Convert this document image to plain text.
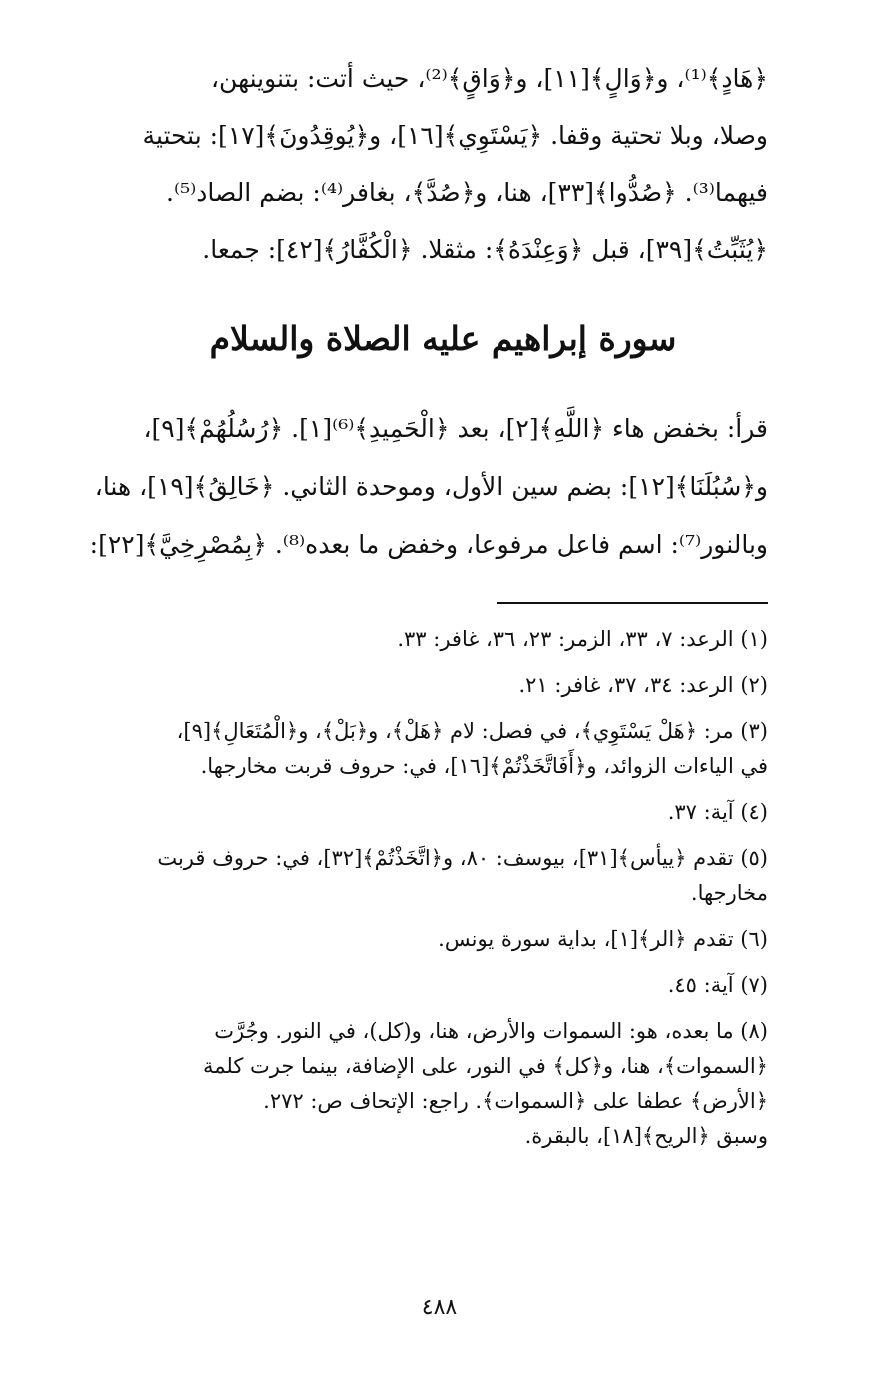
﴿هَادٍ﴾⁽¹⁾، و﴿وَالٍ﴾[١١]، و﴿وَاقٍ﴾⁽²⁾، حيث أتت: بتنوينهن،

وصلا، وبلا تحتية وقفا. ﴿يَسْتَوِي﴾[١٦]، و﴿يُوقِدُونَ﴾[١٧]: بتحتية

فيهما⁽³⁾. ﴿صُدُّوا﴾[٣٣]، هنا، و﴿صُدَّ﴾، بغافر⁽⁴⁾: بضم الصاد⁽⁵⁾.

﴿يُثَبِّتُ﴾[٣٩]، قبل ﴿وَعِنْدَهُ﴾: مثقلا. ﴿الْكُفَّارُ﴾[٤٢]: جمعا.

سورة إبراهيم عليه الصلاة والسلام

قرأ: بخفض هاء ﴿اللَّهِ﴾[٢]، بعد ﴿الْحَمِيدِ﴾⁽⁶⁾[١]. ﴿رُسُلُهُمْ﴾[٩]،

و﴿سُبُلَنَا﴾[١٢]: بضم سين الأول، وموحدة الثاني. ﴿خَالِقُ﴾[١٩]، هنا،

وبالنور⁽⁷⁾: اسم فاعل مرفوعا، وخفض ما بعده⁽⁸⁾. ﴿بِمُصْرِخِيَّ﴾[٢٢]:

(١) الرعد: ٧، ٣٣، الزمر: ٢٣، ٣٦، غافر: ٣٣.
(٢) الرعد: ٣٤، ٣٧، غافر: ٢١.
(٣) مر: ﴿هَلْ يَسْتَوِي﴾، في فصل: لام ﴿هَلْ﴾، و﴿بَلْ﴾، و﴿الْمُتَعَالِ﴾[٩]،
في الياءات الزوائد، و﴿أَفَاتَّخَذْتُمْ﴾[١٦]، في: حروف قربت مخارجها.
(٤) آية: ٣٧.
(٥) تقدم ﴿ييأس﴾[٣١]، بيوسف: ٨٠، و﴿اتَّخَذْتُمْ﴾[٣٢]، في: حروف قربت
مخارجها.
(٦) تقدم ﴿الر﴾[١]، بداية سورة يونس.
(٧) آية: ٤٥.
(٨) ما بعده، هو: السموات والأرض، هنا، و(كل)، في النور. وجُرَّت
﴿السموات﴾، هنا، و﴿كل﴾ في النور، على الإضافة، بينما جرت كلمة
﴿الأرض﴾ عطفا على ﴿السموات﴾. راجع: الإتحاف ص: ٢٧٢.
وسبق ﴿الريح﴾[١٨]، بالبقرة.
٤٨٨
